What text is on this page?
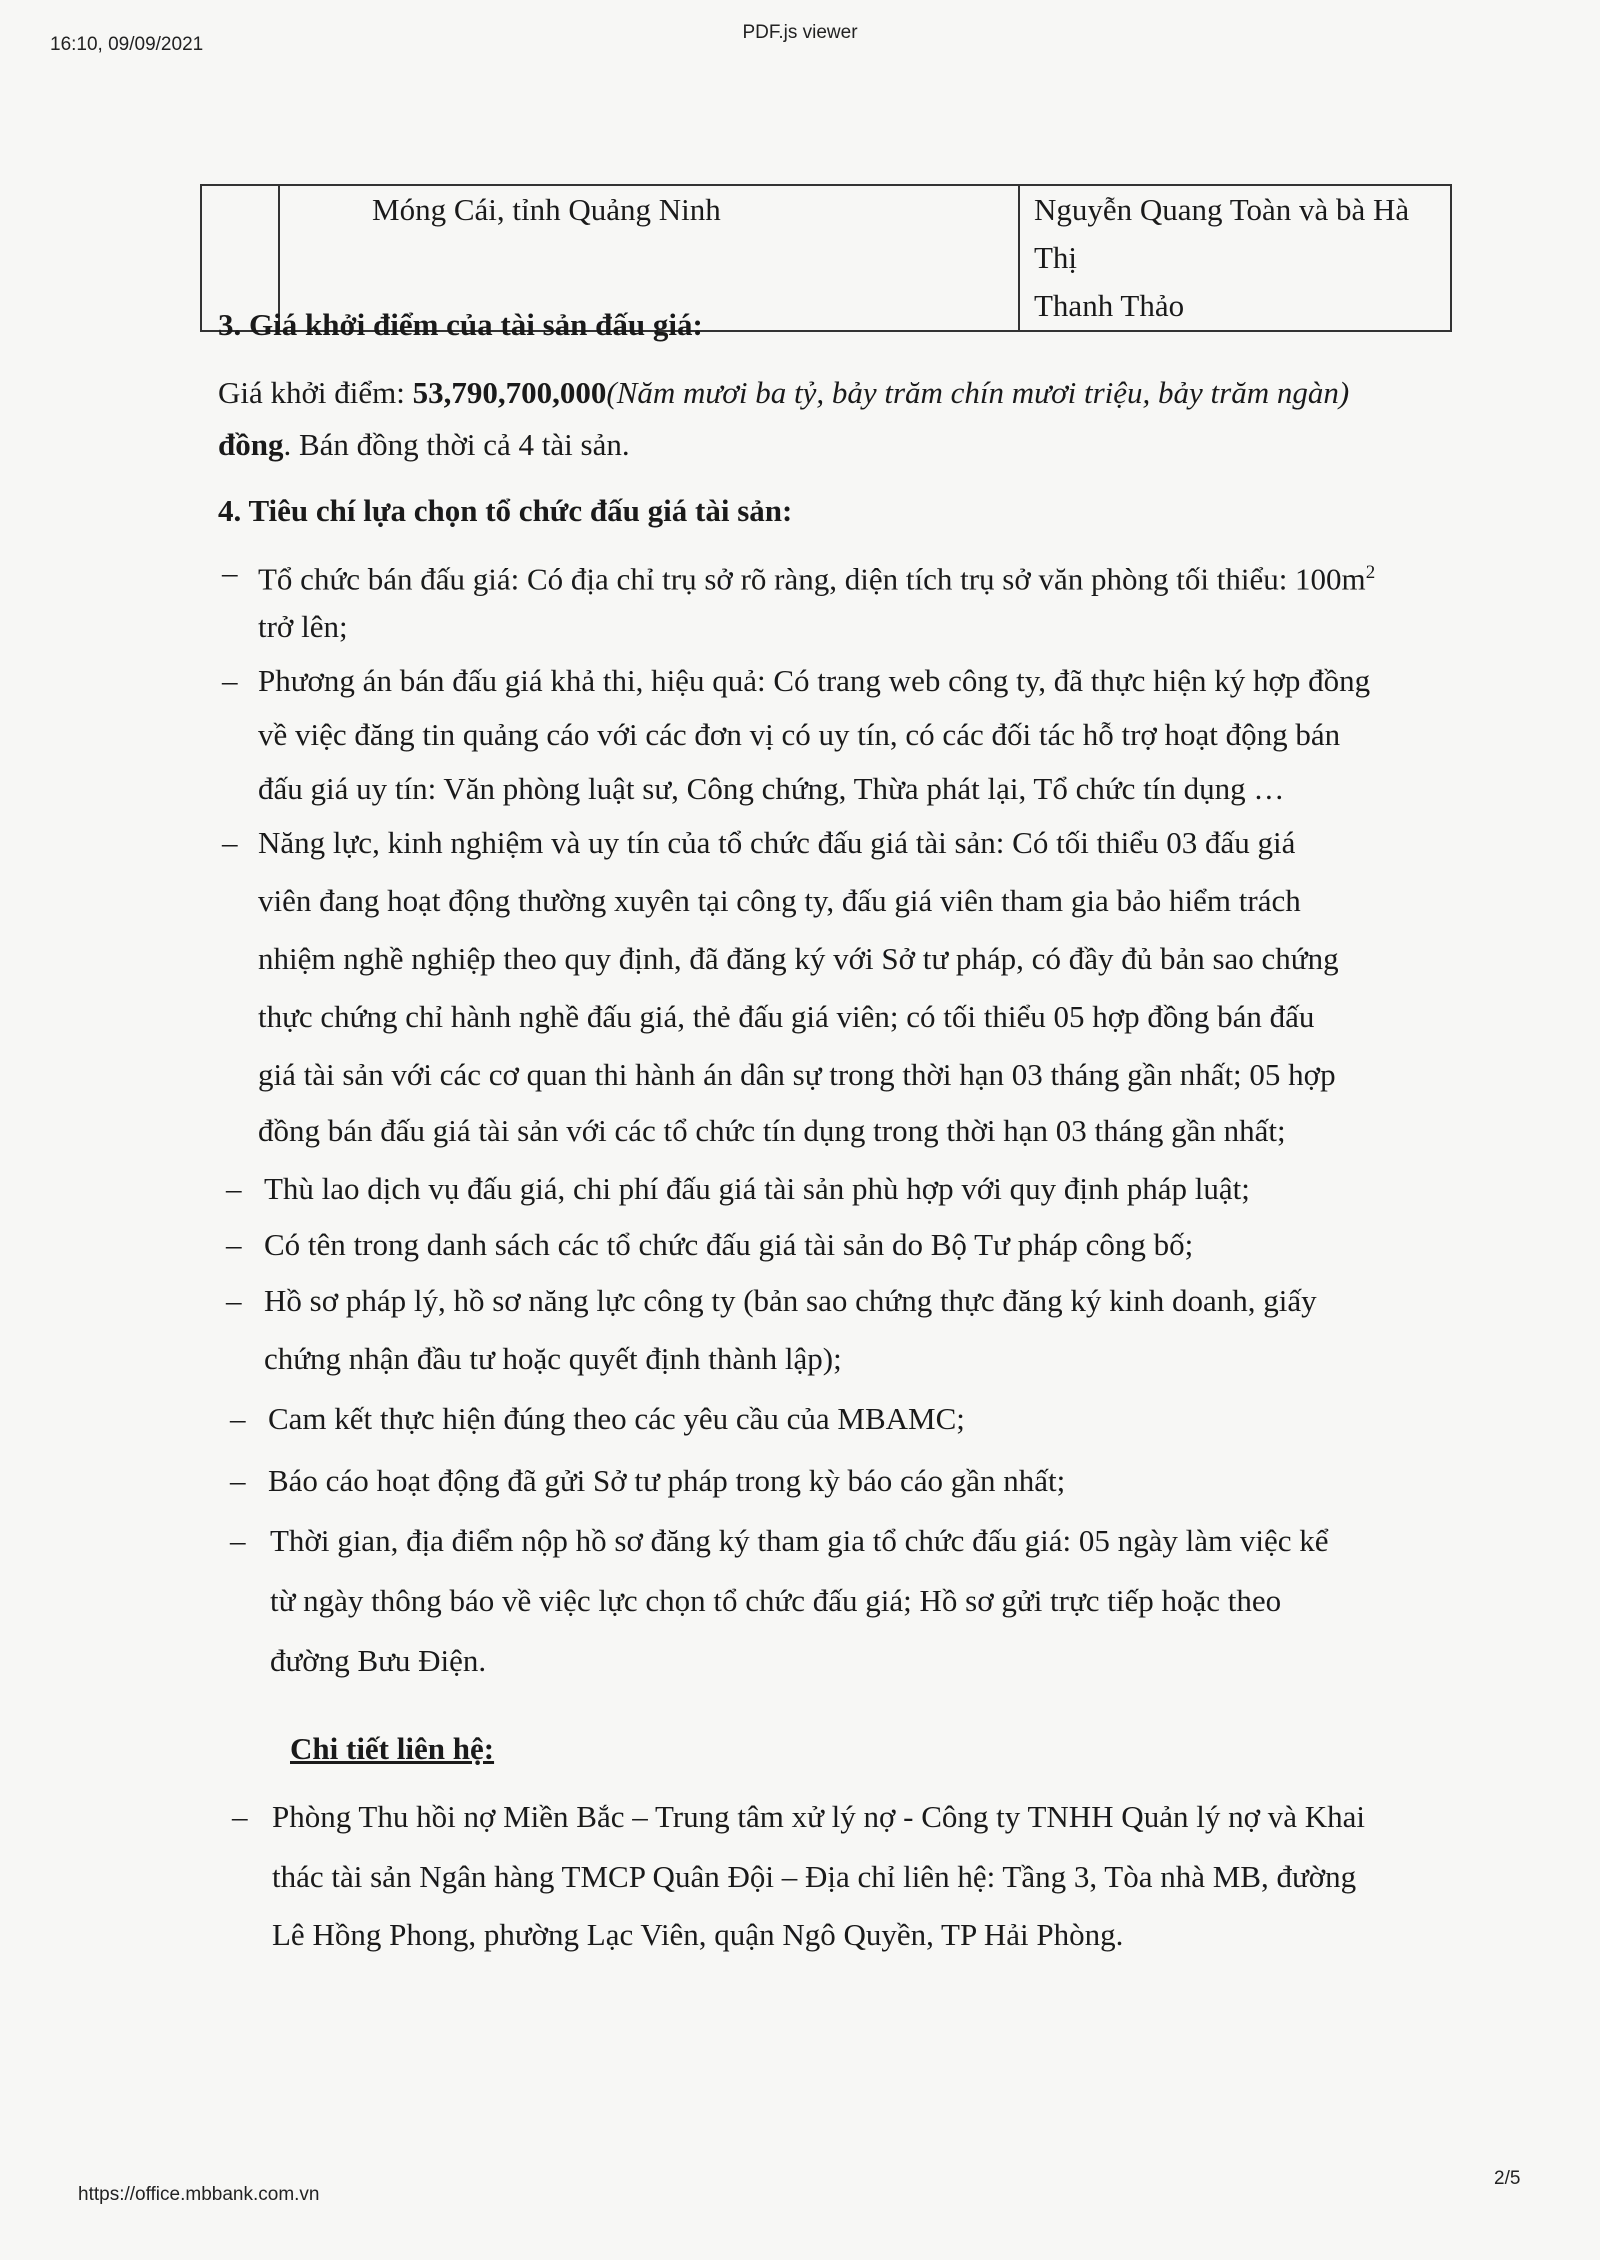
16:10, 09/09/2021
PDF.js viewer
	Móng Cái, tỉnh Quảng Ninh	Nguyễn Quang Toàn và bà Hà Thị
Thanh Thảo
3. Giá khởi điểm của tài sản đấu giá:
Giá khởi điểm: 53,790,700,000(Năm mươi ba tỷ, bảy trăm chín mươi triệu, bảy trăm ngàn)
đồng. Bán đồng thời cả 4 tài sản.
4. Tiêu chí lựa chọn tổ chức đấu giá tài sản:
– Tổ chức bán đấu giá: Có địa chỉ trụ sở rõ ràng, diện tích trụ sở văn phòng tối thiểu: $100m^2$
trở lên;
– Phương án bán đấu giá khả thi, hiệu quả: Có trang web công ty, đã thực hiện ký hợp đồng
về việc đăng tin quảng cáo với các đơn vị có uy tín, có các đối tác hỗ trợ hoạt động bán
đấu giá uy tín: Văn phòng luật sư, Công chứng, Thừa phát lại, Tổ chức tín dụng …
– Năng lực, kinh nghiệm và uy tín của tổ chức đấu giá tài sản: Có tối thiểu 03 đấu giá
viên đang hoạt động thường xuyên tại công ty, đấu giá viên tham gia bảo hiểm trách
nhiệm nghề nghiệp theo quy định, đã đăng ký với Sở tư pháp, có đầy đủ bản sao chứng
thực chứng chỉ hành nghề đấu giá, thẻ đấu giá viên; có tối thiểu 05 hợp đồng bán đấu
giá tài sản với các cơ quan thi hành án dân sự trong thời hạn 03 tháng gần nhất; 05 hợp
đồng bán đấu giá tài sản với các tổ chức tín dụng trong thời hạn 03 tháng gần nhất;
– Thù lao dịch vụ đấu giá, chi phí đấu giá tài sản phù hợp với quy định pháp luật;
– Có tên trong danh sách các tổ chức đấu giá tài sản do Bộ Tư pháp công bố;
– Hồ sơ pháp lý, hồ sơ năng lực công ty (bản sao chứng thực đăng ký kinh doanh, giấy
chứng nhận đầu tư hoặc quyết định thành lập);
– Cam kết thực hiện đúng theo các yêu cầu của MBAMC;
– Báo cáo hoạt động đã gửi Sở tư pháp trong kỳ báo cáo gần nhất;
– Thời gian, địa điểm nộp hồ sơ đăng ký tham gia tổ chức đấu giá: 05 ngày làm việc kể
từ ngày thông báo về việc lực chọn tổ chức đấu giá; Hồ sơ gửi trực tiếp hoặc theo
đường Bưu Điện.
Chi tiết liên hệ:
– Phòng Thu hồi nợ Miền Bắc – Trung tâm xử lý nợ - Công ty TNHH Quản lý nợ và Khai
thác tài sản Ngân hàng TMCP Quân Đội – Địa chỉ liên hệ: Tầng 3, Tòa nhà MB, đường
Lê Hồng Phong, phường Lạc Viên, quận Ngô Quyền, TP Hải Phòng.
https://office.mbbank.com.vn
2/5
